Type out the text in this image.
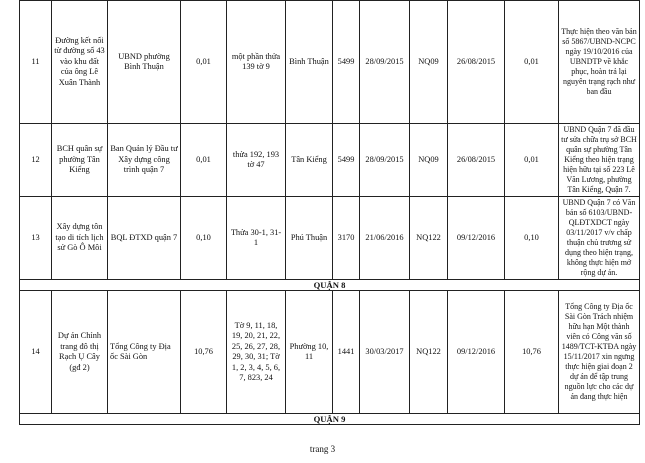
11	Đường kết nối từ đường số 43 vào khu đất của ông Lê Xuân Thành	UBND phường Bình Thuận	0,01	một phần thửa 139 tờ 9	Bình Thuận	5499	28/09/2015	NQ09	26/08/2015	0,01	Thực hiện theo văn bản số 5867/UBND-NCPC ngày 19/10/2016 của UBNDTP về khắc phục, hoàn trả lại nguyên trạng rạch như ban đầu
12	BCH quân sự phường Tân Kiểng	Ban Quản lý Đầu tư Xây dựng công trình quận 7	0,01	thửa 192, 193 tờ 47	Tân Kiểng	5499	28/09/2015	NQ09	26/08/2015	0,01	UBND Quận 7 đã đầu tư sửa chữa trụ sở BCH quân sự phường Tân Kiểng theo hiện trạng hiện hữu tại số 223 Lê Văn Lương, phường Tân Kiểng, Quận 7.
13	Xây dựng tôn tạo di tích lịch sử Gò Ô Môi	BQL ĐTXD quận 7	0,10	Thửa 30-1, 31-1	Phú Thuận	3170	21/06/2016	NQ122	09/12/2016	0,10	UBND Quận 7 có Văn bản số 6103/UBND-QLĐTXDCT ngày 03/11/2017 v/v chấp thuận chủ trương sử dụng theo hiện trạng, không thực hiện mở rộng dự án.
QUẬN 8											
14	Dự án Chỉnh trang đô thị Rạch Ụ Cây (gđ 2)	Tổng Công ty Địa ốc Sài Gòn	10,76	Tờ 9, 11, 18, 19, 20, 21, 22, 25, 26, 27, 28, 29, 30, 31; Tờ 1, 2, 3, 4, 5, 6, 7, 823, 24	Phường 10, 11	1441	30/03/2017	NQ122	09/12/2016	10,76	Tổng Công ty Địa ốc Sài Gòn Trách nhiệm hữu hạn Một thành viên có Công văn số 1489/TCT-KTĐA ngày 15/11/2017 xin ngưng thực hiện giai đoạn 2 dự án để tập trung nguồn lực cho các dự án đang thực hiện
QUẬN 9											
trang 3
